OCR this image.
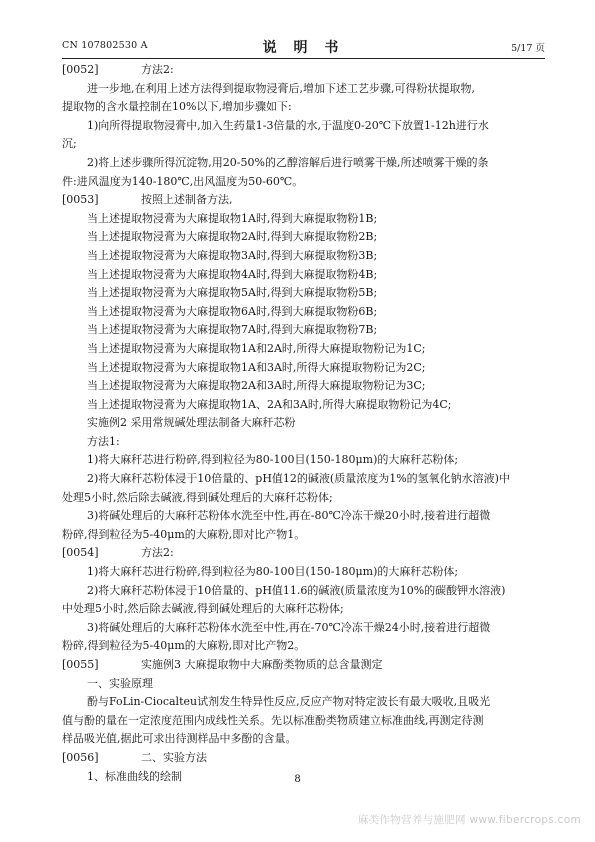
CN 107802530 A	说 明 书	5/17 页
[0052]	方法2:
进一步地,在利用上述方法得到提取物浸膏后,增加下述工艺步骤,可得粉状提取物,
提取物的含水量控制在10%以下,增加步骤如下:
1)向所得提取物浸膏中,加入生药量1-3倍量的水,于温度0-20℃下放置1-12h进行水
沉;
2)将上述步骤所得沉淀物,用20-50%的乙醇溶解后进行喷雾干燥,所述喷雾干燥的条
件:进风温度为140-180℃,出风温度为50-60℃。
[0053]	按照上述制备方法,
当上述提取物浸膏为大麻提取物1A时,得到大麻提取物粉1B;
当上述提取物浸膏为大麻提取物2A时,得到大麻提取物粉2B;
当上述提取物浸膏为大麻提取物3A时,得到大麻提取物粉3B;
当上述提取物浸膏为大麻提取物4A时,得到大麻提取物粉4B;
当上述提取物浸膏为大麻提取物5A时,得到大麻提取物粉5B;
当上述提取物浸膏为大麻提取物6A时,得到大麻提取物粉6B;
当上述提取物浸膏为大麻提取物7A时,得到大麻提取物粉7B;
当上述提取物浸膏为大麻提取物1A和2A时,所得大麻提取物粉记为1C;
当上述提取物浸膏为大麻提取物1A和3A时,所得大麻提取物粉记为2C;
当上述提取物浸膏为大麻提取物2A和3A时,所得大麻提取物粉记为3C;
当上述提取物浸膏为大麻提取物1A、2A和3A时,所得大麻提取物粉记为4C;
实施例2 采用常规碱处理法制备大麻秆芯粉
方法1:
1)将大麻秆芯进行粉碎,得到粒径为80-100目(150-180μm)的大麻秆芯粉体;
2)将大麻秆芯粉体浸于10倍量的、pH值12的碱液(质量浓度为1%的氢氧化钠水溶液)中
处理5小时,然后除去碱液,得到碱处理后的大麻秆芯粉体;
3)将碱处理后的大麻秆芯粉体水洗至中性,再在-80℃冷冻干燥20小时,接着进行超微
粉碎,得到粒径为5-40μm的大麻粉,即对比产物1。
[0054]	方法2:
1)将大麻秆芯进行粉碎,得到粒径为80-100目(150-180μm)的大麻秆芯粉体;
2)将大麻秆芯粉体浸于10倍量的、pH值11.6的碱液(质量浓度为10%的碳酸钾水溶液)
中处理5小时,然后除去碱液,得到碱处理后的大麻秆芯粉体;
3)将碱处理后的大麻秆芯粉体水洗至中性,再在-70℃冷冻干燥24小时,接着进行超微
粉碎,得到粒径为5-40μm的大麻粉,即对比产物2。
[0055]	实施例3 大麻提取物中大麻酚类物质的总含量测定
一、实验原理
酚与FoLin-Ciocalteu试剂发生特异性反应,反应产物对特定波长有最大吸收,且吸光
值与酚的量在一定浓度范围内成线性关系。先以标准酚类物质建立标准曲线,再测定待测
样品吸光值,据此可求出待测样品中多酚的含量。
[0056]	二、实验方法
1、标准曲线的绘制	8
麻类作物营养与施肥网 www.fibercrops.com
